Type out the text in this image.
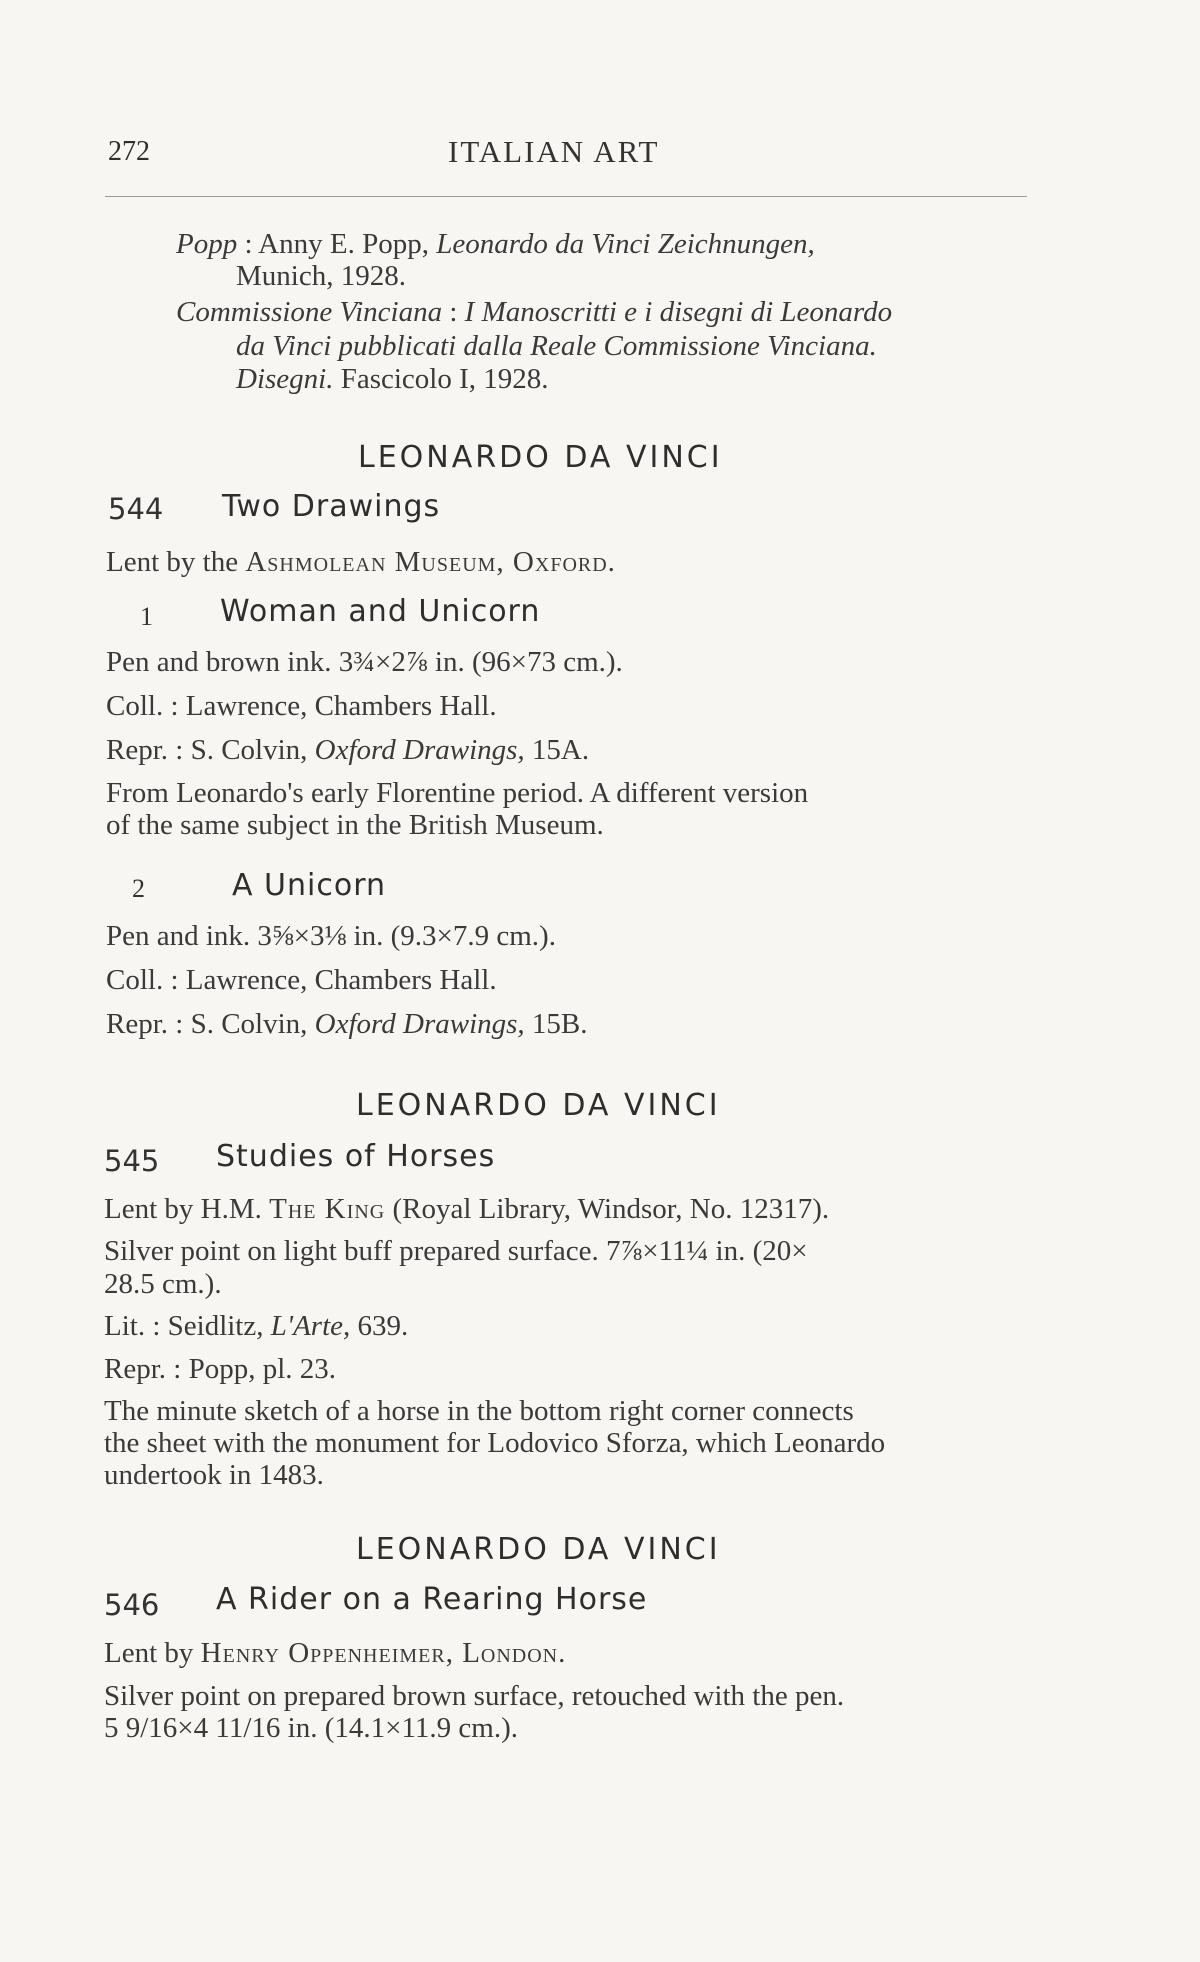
272	ITALIAN ART
Popp : Anny E. Popp, Leonardo da Vinci Zeichnungen,
Munich, 1928.
Commissione Vinciana : I Manoscritti e i disegni di Leonardo
da Vinci pubblicati dalla Reale Commissione Vinciana.
Disegni. Fascicolo I, 1928.
LEONARDO DA VINCI
544 Two Drawings
Lent by the Ashmolean Museum, Oxford.
1 Woman and Unicorn
Pen and brown ink. 3¾×2⅞ in. (96×73 cm.).
Coll. : Lawrence, Chambers Hall.
Repr. : S. Colvin, Oxford Drawings, 15A.
From Leonardo's early Florentine period. A different version
of the same subject in the British Museum.
2	A Unicorn
Pen and ink. 3⅝×3⅛ in. (9.3×7.9 cm.).
Coll. : Lawrence, Chambers Hall.
Repr. : S. Colvin, Oxford Drawings, 15B.
LEONARDO DA VINCI
545 Studies of Horses
Lent by H.M. The King (Royal Library, Windsor, No. 12317).
Silver point on light buff prepared surface. 7⅞×11¼ in. (20×
28.5 cm.).
Lit. : Seidlitz, L'Arte, 639.
Repr. : Popp, pl. 23.
The minute sketch of a horse in the bottom right corner connects
the sheet with the monument for Lodovico Sforza, which Leonardo
undertook in 1483.
LEONARDO DA VINCI
546 A Rider on a Rearing Horse
Lent by Henry Oppenheimer, London.
Silver point on prepared brown surface, retouched with the pen.
5 9/16×4 11/16 in. (14.1×11.9 cm.).
